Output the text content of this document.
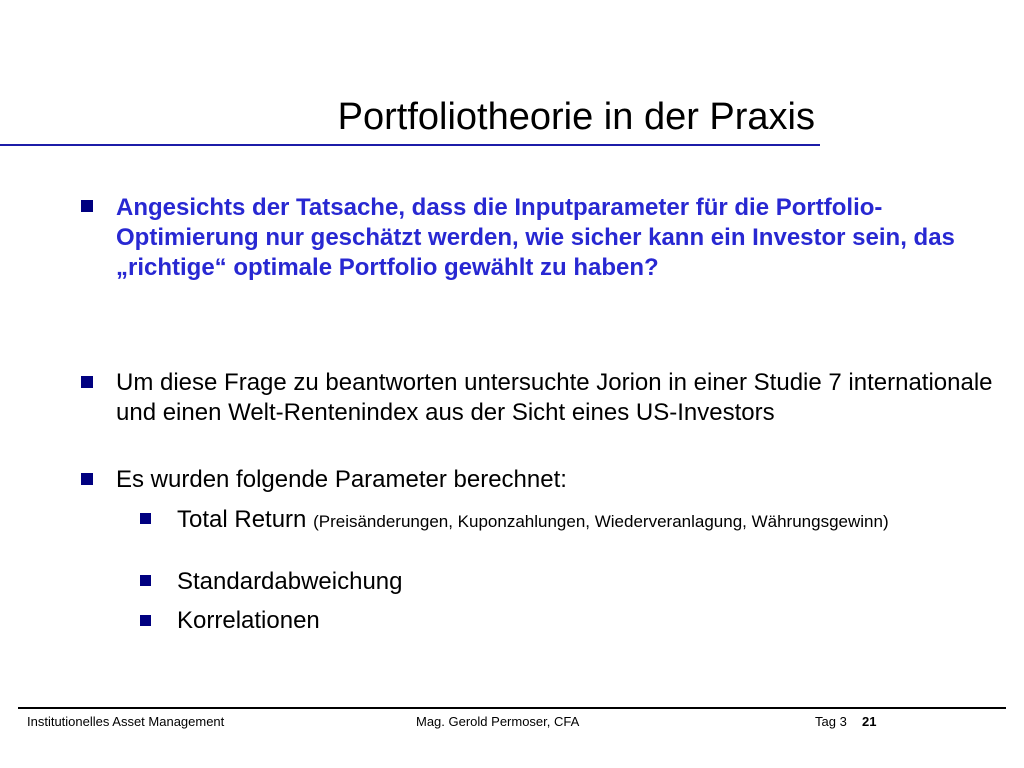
Portfoliotheorie in der Praxis
Angesichts der Tatsache, dass die Inputparameter für die Portfolio-Optimierung nur geschätzt werden, wie sicher kann ein Investor sein, das „richtige“ optimale Portfolio gewählt zu haben?
Um diese Frage zu beantworten untersuchte Jorion in einer Studie 7 internationale und einen Welt-Rentenindex aus der Sicht eines US-Investors
Es wurden folgende Parameter berechnet:
Total Return (Preisänderungen, Kuponzahlungen, Wiederveranlagung, Währungsgewinn)
Standardabweichung
Korrelationen
Institutionelles Asset Management	Mag. Gerold Permoser, CFA	Tag 3 21
